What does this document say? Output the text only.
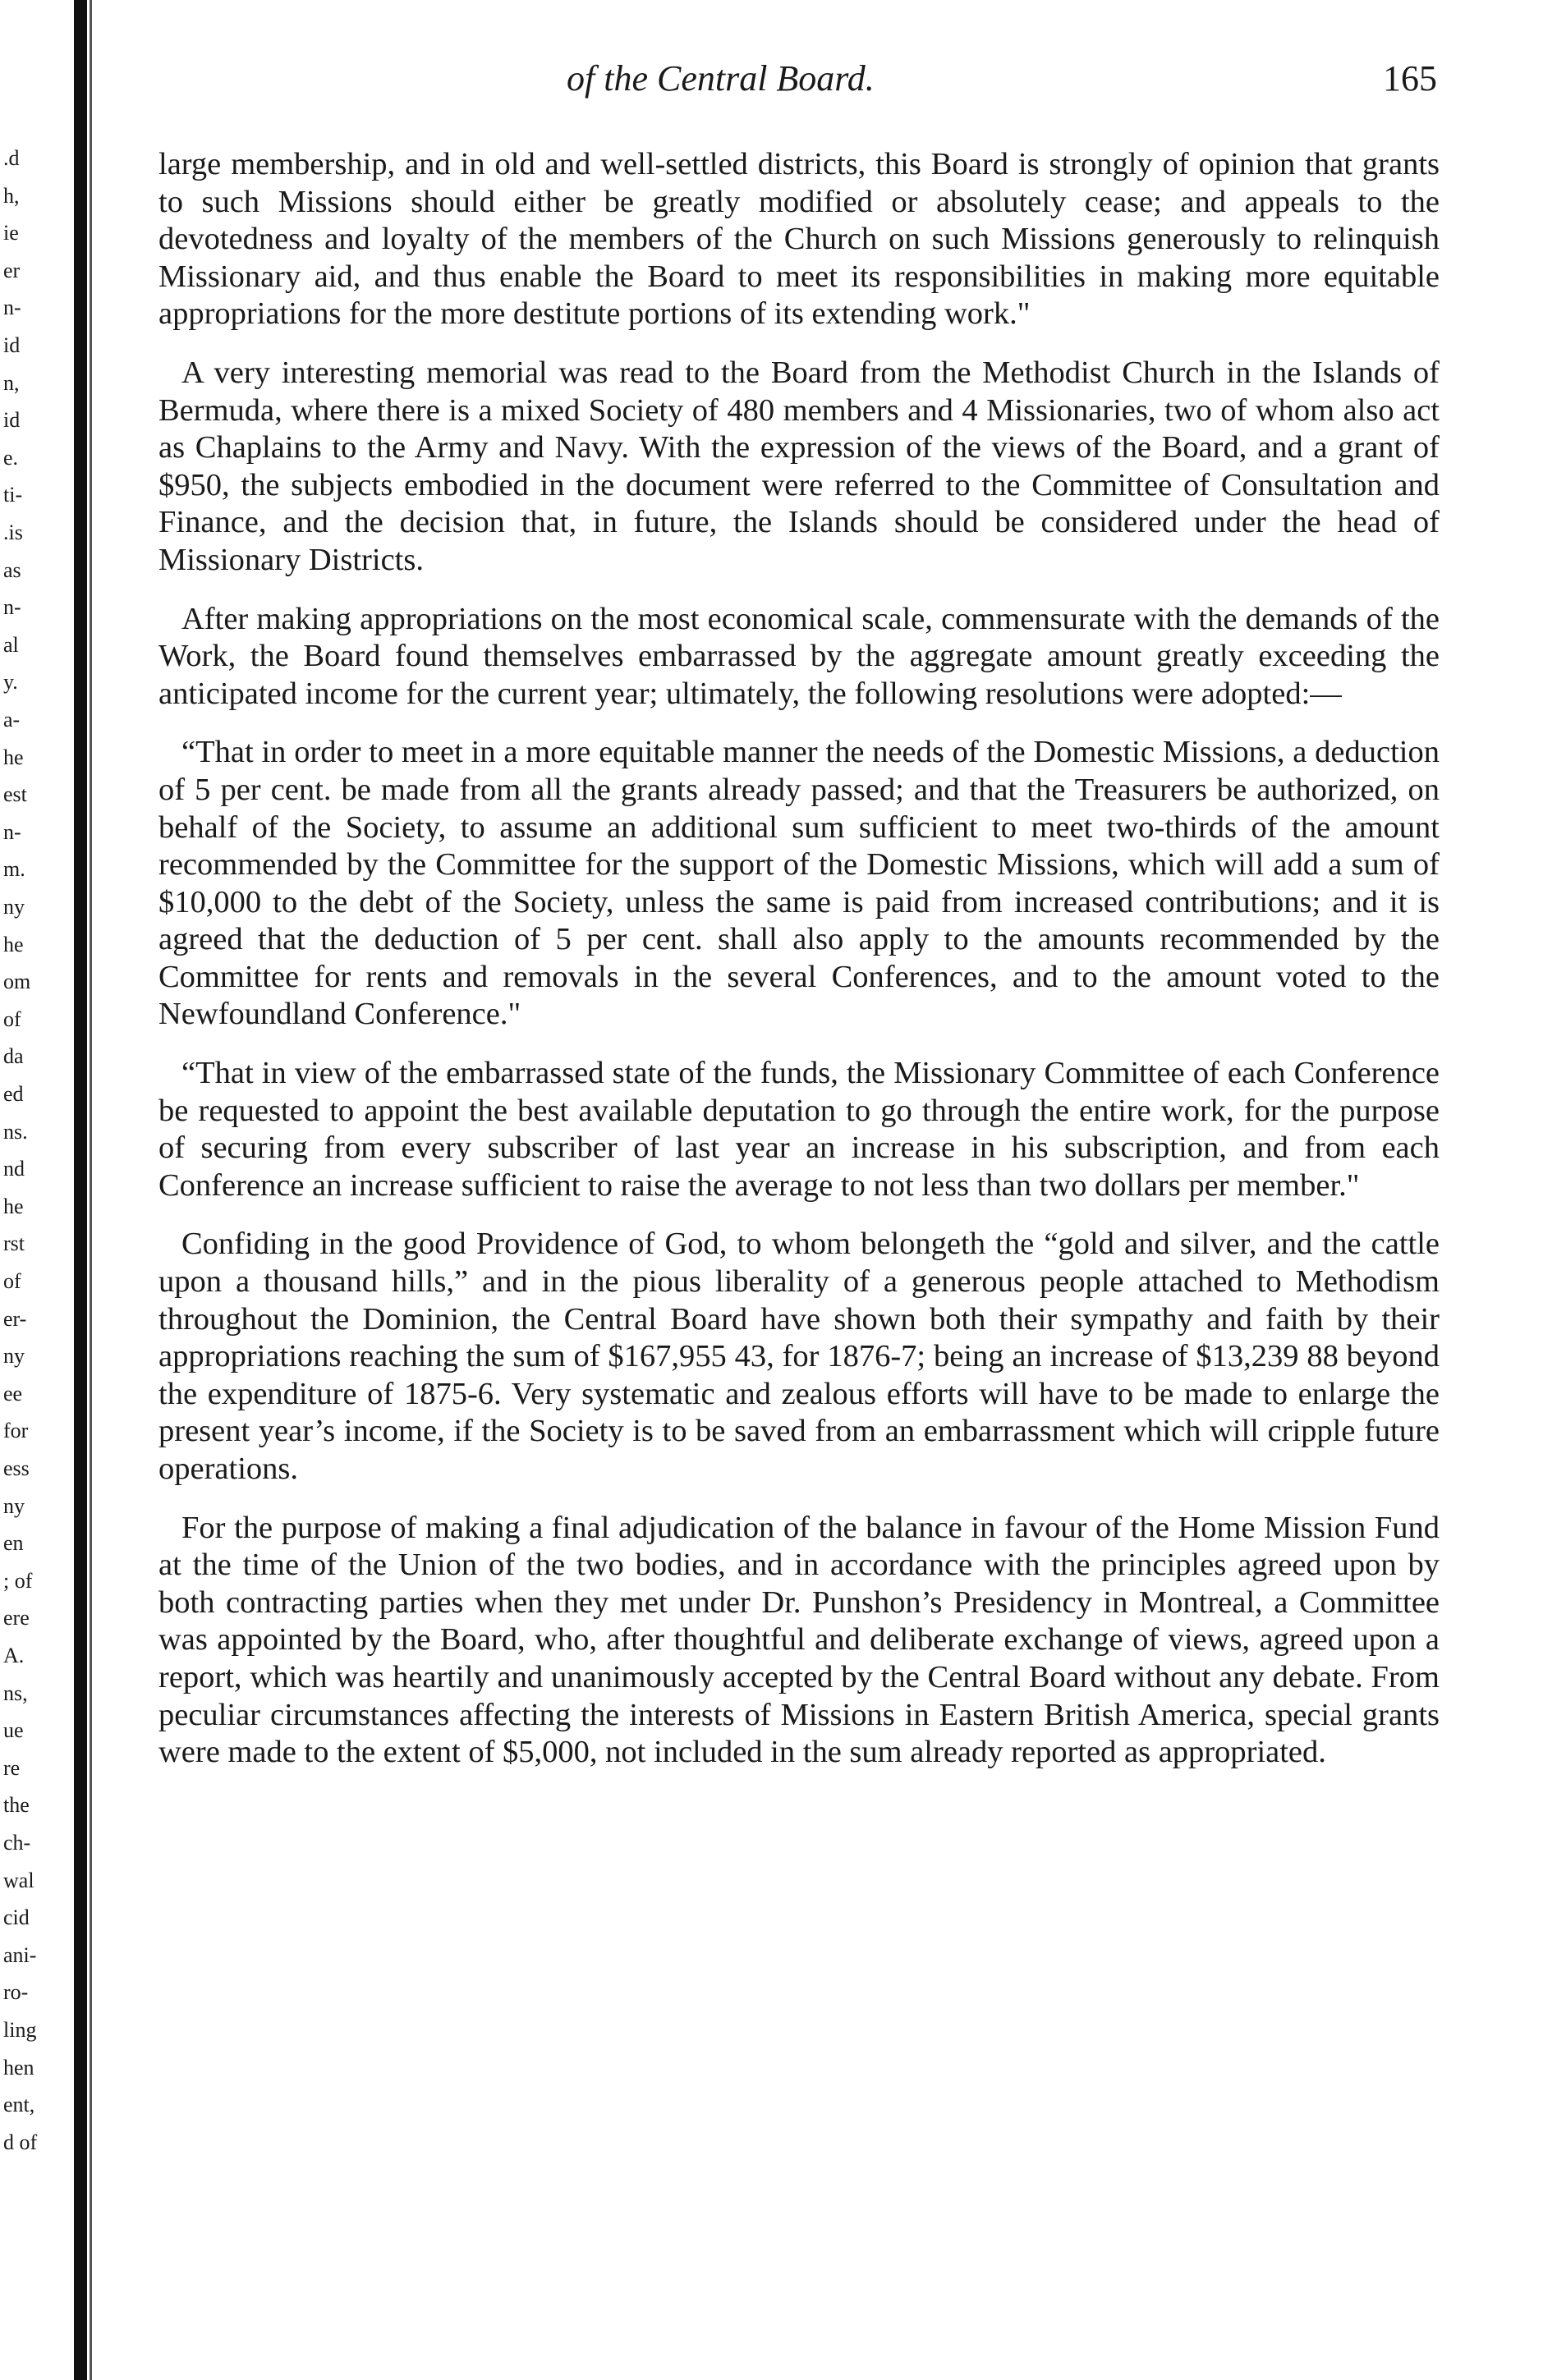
.d
h,
ie
er
n-
id
n,
id
e.
ti-
.is
as
n-
al
y.
a-
he
est
n-
m.
ny
he
om
of
da
ed
ns.
nd
he
rst
of
er-
ny
ee
for
ess
ny
en
; of
ere
A.
ns,
ue
re
the
ch-
wal
cid
ani-
ro-
ling
hen
ent,
d of
of the Central Board.	165

large membership, and in old and well-settled districts, this Board is strongly of opinion that grants to such Missions should either be greatly modified or absolutely cease; and appeals to the devotedness and loyalty of the members of the Church on such Missions generously to relinquish Missionary aid, and thus enable the Board to meet its responsibilities in making more equitable appropriations for the more destitute portions of its extending work."

A very interesting memorial was read to the Board from the Methodist Church in the Islands of Bermuda, where there is a mixed Society of 480 members and 4 Missionaries, two of whom also act as Chaplains to the Army and Navy. With the expression of the views of the Board, and a grant of $950, the subjects embodied in the document were referred to the Committee of Consultation and Finance, and the decision that, in future, the Islands should be considered under the head of Missionary Districts.

After making appropriations on the most economical scale, commensurate with the demands of the Work, the Board found themselves embarrassed by the aggregate amount greatly exceeding the anticipated income for the current year; ultimately, the following resolutions were adopted:—

“That in order to meet in a more equitable manner the needs of the Domestic Missions, a deduction of 5 per cent. be made from all the grants already passed; and that the Treasurers be authorized, on behalf of the Society, to assume an additional sum sufficient to meet two-thirds of the amount recommended by the Committee for the support of the Domestic Missions, which will add a sum of $10,000 to the debt of the Society, unless the same is paid from increased contributions; and it is agreed that the deduction of 5 per cent. shall also apply to the amounts recommended by the Committee for rents and removals in the several Conferences, and to the amount voted to the Newfoundland Conference."

“That in view of the embarrassed state of the funds, the Missionary Committee of each Conference be requested to appoint the best available deputation to go through the entire work, for the purpose of securing from every subscriber of last year an increase in his subscription, and from each Conference an increase sufficient to raise the average to not less than two dollars per member."

Confiding in the good Providence of God, to whom belongeth the “gold and silver, and the cattle upon a thousand hills,” and in the pious liberality of a generous people attached to Methodism throughout the Dominion, the Central Board have shown both their sympathy and faith by their appropriations reaching the sum of $167,955 43, for 1876-7; being an increase of $13,239 88 beyond the expenditure of 1875-6. Very systematic and zealous efforts will have to be made to enlarge the present year’s income, if the Society is to be saved from an embarrassment which will cripple future operations.

For the purpose of making a final adjudication of the balance in favour of the Home Mission Fund at the time of the Union of the two bodies, and in accordance with the principles agreed upon by both contracting parties when they met under Dr. Punshon’s Presidency in Montreal, a Committee was appointed by the Board, who, after thoughtful and deliberate exchange of views, agreed upon a report, which was heartily and unanimously accepted by the Central Board without any debate. From peculiar circumstances affecting the interests of Missions in Eastern British America, special grants were made to the extent of $5,000, not included in the sum already reported as appropriated.
